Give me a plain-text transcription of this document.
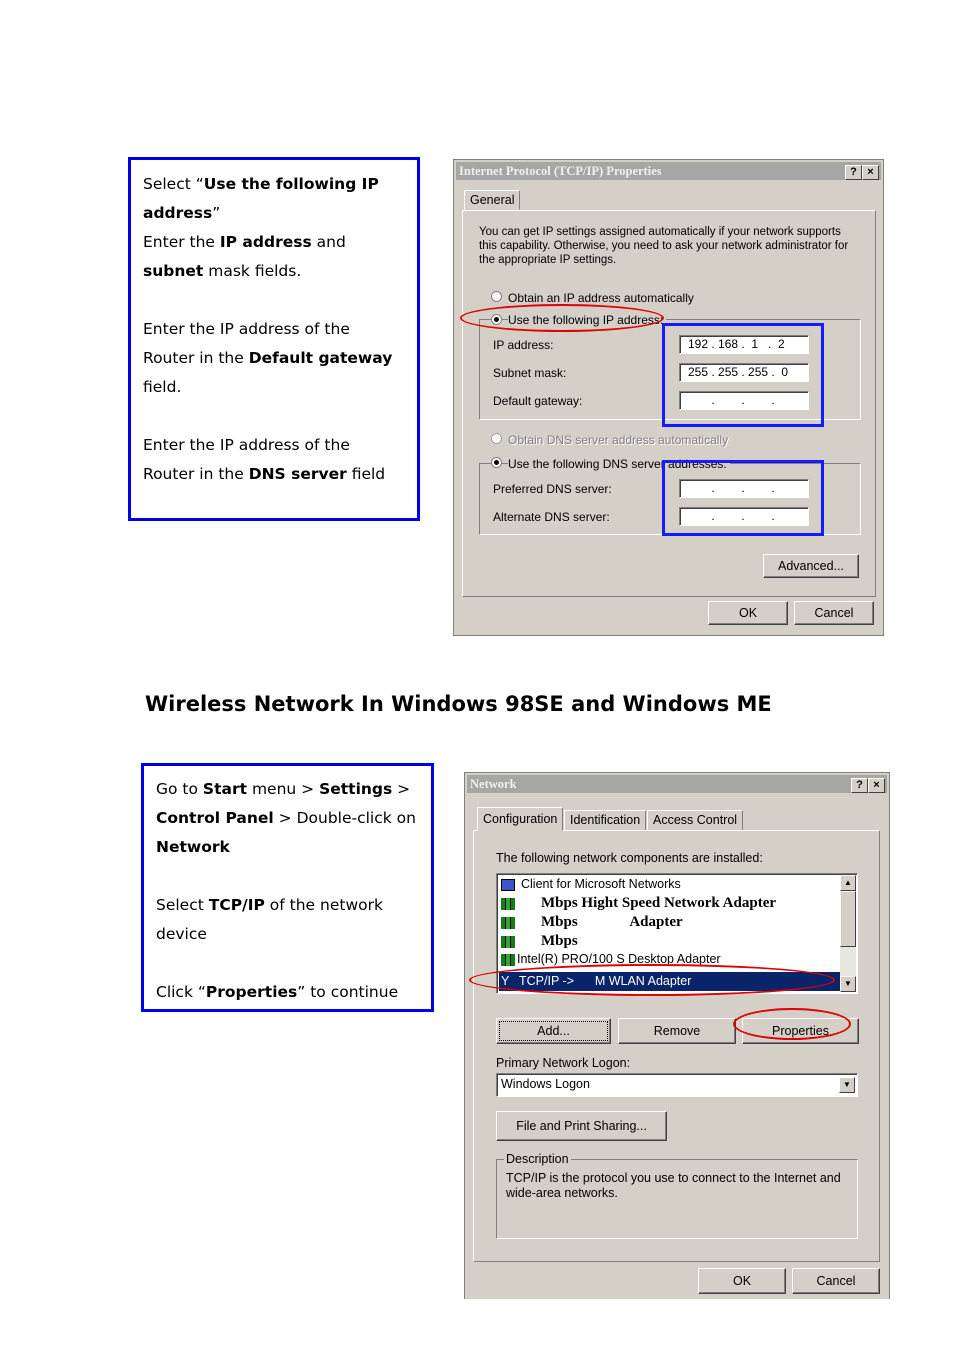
Select “Use the following IP address”

Enter the IP address and subnet mask fields.

Enter the IP address of the Router in the Default gateway field.

Enter the IP address of the Router in the DNS server field

Internet Protocol (TCP/IP) Properties	? ×
General
You can get IP settings assigned automatically if your network supports this capability. Otherwise, you need to ask your network administrator for the appropriate IP settings.
Obtain an IP address automatically
Use the following IP address:
IP address:	192 . 168 .  1   .  2
Subnet mask:	255 . 255 . 255 .  0
Default gateway:	.        .        .
Obtain DNS server address automatically
Use the following DNS server addresses:
Preferred DNS server:	.        .        .
Alternate DNS server:	.        .        .
Advanced...
OK	Cancel
Wireless Network In Windows 98SE and Windows ME

Go to Start menu > Settings > Control Panel > Double-click on Network

Select TCP/IP of the network device

Click “Properties” to continue

Network	? ×
Configuration	Identification	Access Control
The following network components are installed:
Client for Microsoft Networks
Mbps Hight Speed Network Adapter
Mbps              Adapter
Mbps
Intel(R) PRO/100 S Desktop Adapter
Y TCP/IP ->      M WLAN Adapter
▲
▼
Add...	Remove	Properties
Primary Network Logon:
Windows Logon	▼
File and Print Sharing...
Description
TCP/IP is the protocol you use to connect to the Internet and wide-area networks.
OK	Cancel
